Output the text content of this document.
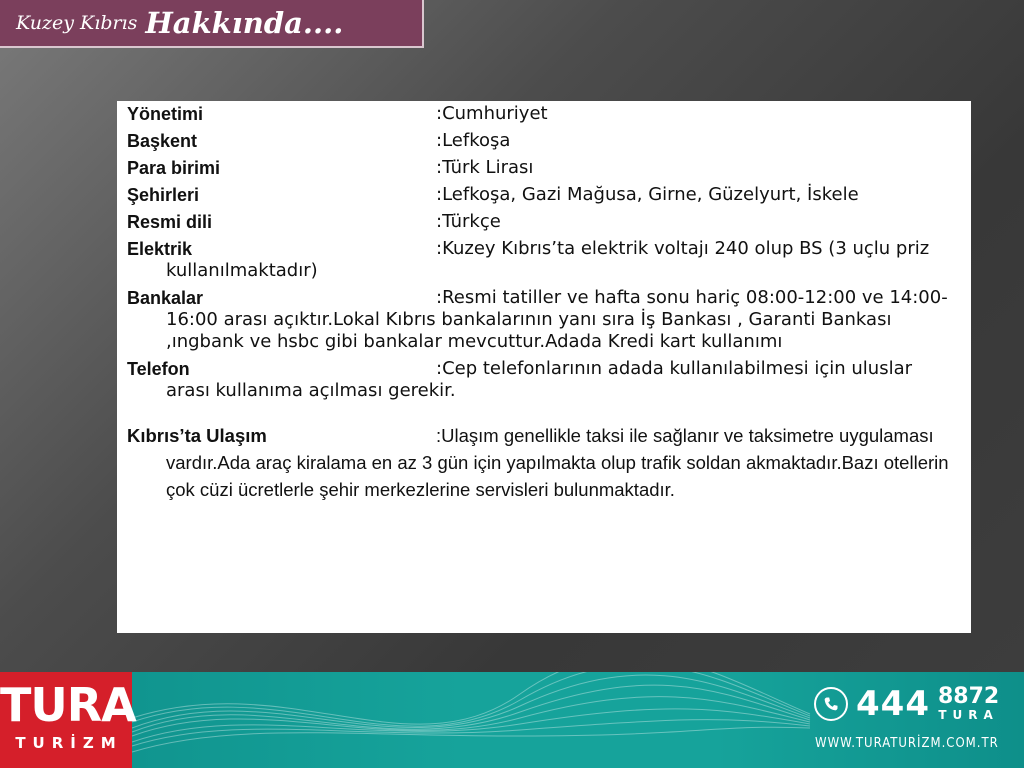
Kuzey Kıbrıs Hakkında....
Yönetimi	:Cumhuriyet
Başkent	:Lefkoşa
Para birimi	:Türk Lirası
Şehirleri	:Lefkoşa, Gazi Mağusa, Girne, Güzelyurt, İskele
Resmi dili	:Türkçe
Elektrik	:Kuzey Kıbrıs’ta elektrik voltajı 240 olup BS (3 uçlu priz kullanılmaktadır)
Bankalar	:Resmi tatiller ve hafta sonu hariç 08:00-12:00 ve 14:00-16:00 arası açıktır.Lokal Kıbrıs bankalarının yanı sıra İş Bankası , Garanti Bankası ,ıngbank ve hsbc gibi bankalar mevcuttur.Adada Kredi kart kullanımı
Telefon	:Cep telefonlarının adada kullanılabilmesi için uluslar arası kullanıma açılması gerekir.
Kıbrıs’ta Ulaşım	:Ulaşım genellikle taksi ile sağlanır ve taksimetre uygulaması vardır.Ada araç kiralama en az 3 gün için yapılmakta olup trafik soldan akmaktadır.Bazı otellerin çok cüzi ücretlerle şehir merkezlerine servisleri bulunmaktadır.
TURA
TURİZM
444 8872
TURA
WWW.TURATURİZM.COM.TR
